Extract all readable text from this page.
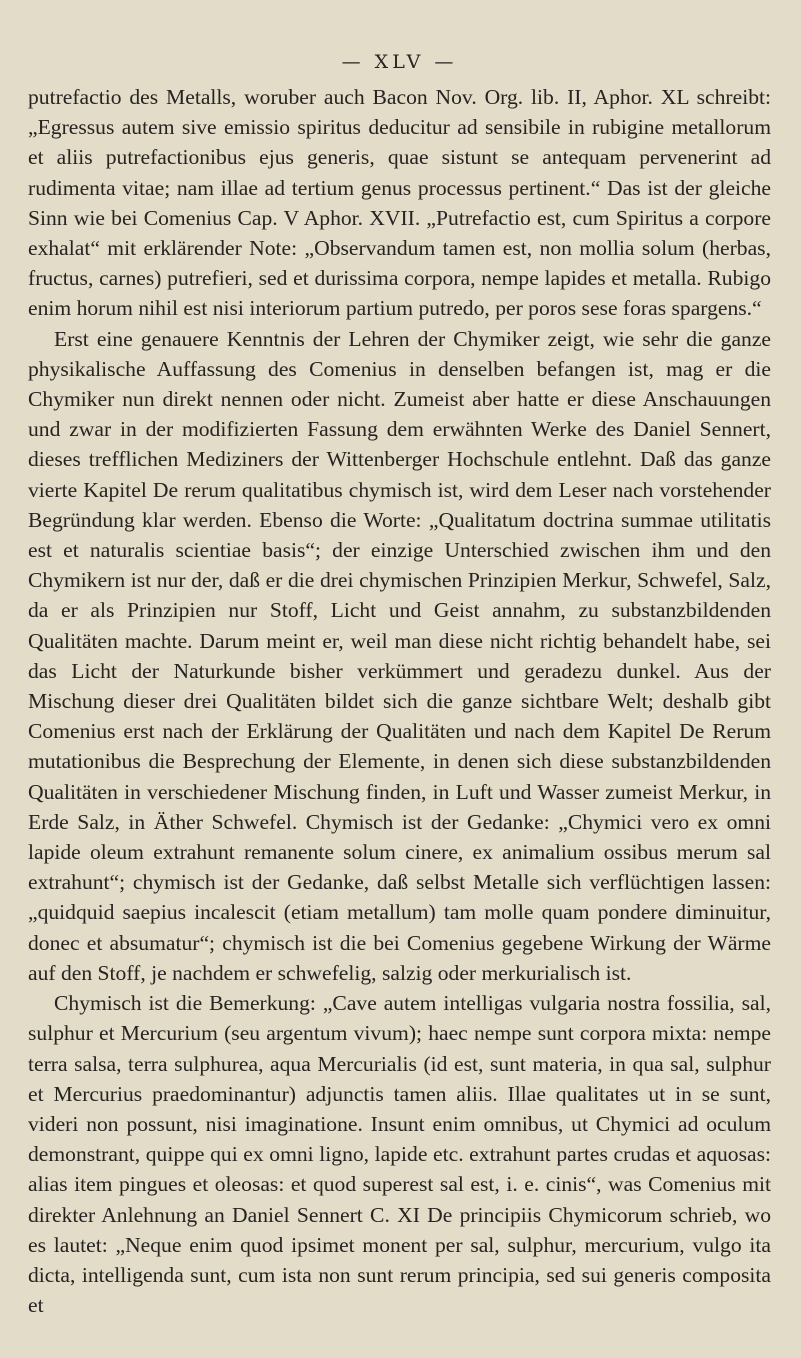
— XLV —

putrefactio des Metalls, woruber auch Bacon Nov. Org. lib. II, Aphor. XL schreibt: „Egressus autem sive emissio spiritus deducitur ad sensibile in rubigine metallorum et aliis putrefactionibus ejus generis, quae sistunt se antequam pervenerint ad rudimenta vitae; nam illae ad tertium genus processus pertinent.“ Das ist der gleiche Sinn wie bei Comenius Cap. V Aphor. XVII. „Putrefactio est, cum Spiritus a corpore exhalat“ mit erklärender Note: „Observandum tamen est, non mollia solum (herbas, fructus, carnes) putrefieri, sed et durissima corpora, nempe lapides et metalla. Rubigo enim horum nihil est nisi interiorum partium putredo, per poros sese foras spargens.“

Erst eine genauere Kenntnis der Lehren der Chymiker zeigt, wie sehr die ganze physikalische Auffassung des Comenius in denselben befangen ist, mag er die Chymiker nun direkt nennen oder nicht. Zumeist aber hatte er diese Anschauungen und zwar in der modifizierten Fassung dem erwähnten Werke des Daniel Sennert, dieses trefflichen Mediziners der Wittenberger Hochschule entlehnt. Daß das ganze vierte Kapitel De rerum qualitatibus chymisch ist, wird dem Leser nach vorstehender Begründung klar werden. Ebenso die Worte: „Qualitatum doctrina summae utilitatis est et naturalis scientiae basis“; der einzige Unterschied zwischen ihm und den Chymikern ist nur der, daß er die drei chymischen Prinzipien Merkur, Schwefel, Salz, da er als Prinzipien nur Stoff, Licht und Geist annahm, zu substanzbildenden Qualitäten machte. Darum meint er, weil man diese nicht richtig behandelt habe, sei das Licht der Naturkunde bisher verkümmert und geradezu dunkel. Aus der Mischung dieser drei Qualitäten bildet sich die ganze sichtbare Welt; deshalb gibt Comenius erst nach der Erklärung der Qualitäten und nach dem Kapitel De Rerum mutationibus die Besprechung der Elemente, in denen sich diese substanzbildenden Qualitäten in verschiedener Mischung finden, in Luft und Wasser zumeist Merkur, in Erde Salz, in Äther Schwefel. Chymisch ist der Gedanke: „Chymici vero ex omni lapide oleum extrahunt remanente solum cinere, ex animalium ossibus merum sal extrahunt“; chymisch ist der Gedanke, daß selbst Metalle sich verflüchtigen lassen: „quidquid saepius incalescit (etiam metallum) tam molle quam pondere diminuitur, donec et absumatur“; chymisch ist die bei Comenius gegebene Wirkung der Wärme auf den Stoff, je nachdem er schwefelig, salzig oder merkurialisch ist.

Chymisch ist die Bemerkung: „Cave autem intelligas vulgaria nostra fossilia, sal, sulphur et Mercurium (seu argentum vivum); haec nempe sunt corpora mixta: nempe terra salsa, terra sulphurea, aqua Mercurialis (id est, sunt materia, in qua sal, sulphur et Mercurius praedominantur) adjunctis tamen aliis. Illae qualitates ut in se sunt, videri non possunt, nisi imaginatione. Insunt enim omnibus, ut Chymici ad oculum demonstrant, quippe qui ex omni ligno, lapide etc. extrahunt partes crudas et aquosas: alias item pingues et oleosas: et quod superest sal est, i. e. cinis“, was Comenius mit direkter Anlehnung an Daniel Sennert C. XI De principiis Chymicorum schrieb, wo es lautet: „Neque enim quod ipsimet monent per sal, sulphur, mercurium, vulgo ita dicta, intelligenda sunt, cum ista non sunt rerum principia, sed sui generis composita et
